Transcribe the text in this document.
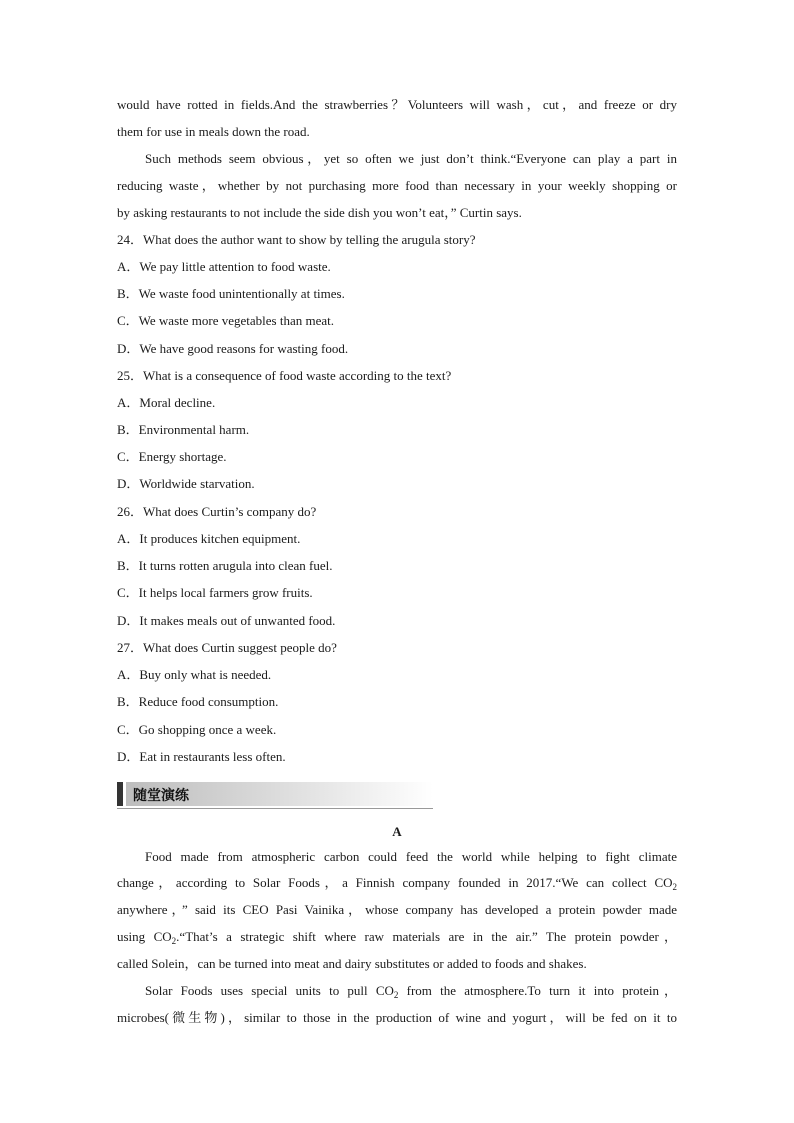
would have rotted in fields.And the strawberries？Volunteers will wash，cut，and freeze or dry
them for use in meals down the road.
Such methods seem obvious，yet so often we just don’t think.“Everyone can play a part in
reducing waste，whether by not purchasing more food than necessary in your weekly shopping or
by asking restaurants to not include the side dish you won’t eat，” Curtin says.
24．What does the author want to show by telling the arugula story?
A．We pay little attention to food waste.
B．We waste food unintentionally at times.
C．We waste more vegetables than meat.
D．We have good reasons for wasting food.
25．What is a consequence of food waste according to the text?
A．Moral decline.
B．Environmental harm.
C．Energy shortage.
D．Worldwide starvation.
26．What does Curtin’s company do?
A．It produces kitchen equipment.
B．It turns rotten arugula into clean fuel.
C．It helps local farmers grow fruits.
D．It makes meals out of unwanted food.
27．What does Curtin suggest people do?
A．Buy only what is needed.
B．Reduce food consumption.
C．Go shopping once a week.
D．Eat in restaurants less often.
随堂演练
A
Food made from atmospheric carbon could feed the world while helping to fight climate
change，according to Solar Foods，a Finnish company founded in 2017.“We can collect $CO_2$
anywhere，” said its CEO Pasi Vainika，whose company has developed a protein powder made
using $CO_2.“That’s$ a strategic shift where raw materials are in the air.” The protein powder，
called Solein，can be turned into meat and dairy substitutes or added to foods and shakes.
Solar Foods uses special units to pull $CO_2$ from the atmosphere.To turn it into protein，
microbes(微生物)，similar to those in the production of wine and yogurt，will be fed on it to
